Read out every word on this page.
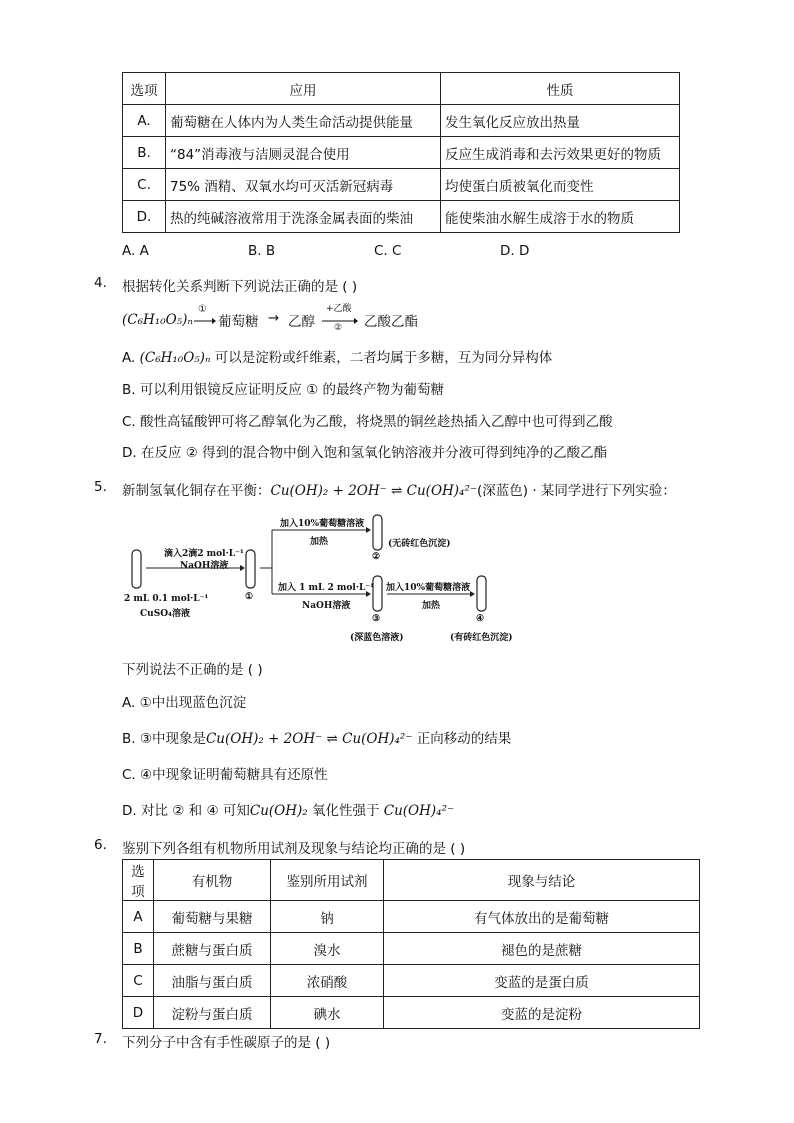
选项	应用	性质
A.	葡萄糖在人体内为人类生命活动提供能量	发生氧化反应放出热量
B.	“84”消毒液与洁厕灵混合使用	反应生成消毒和去污效果更好的物质
C.	75% 酒精、双氧水均可灭活新冠病毒	均使蛋白质被氧化而变性
D.	热的纯碱溶液常用于洗涤金属表面的柴油	能使柴油水解生成溶于水的物质
A. A	B. B	C. C	D. D
4. 根据转化关系判断下列说法正确的是 ( )
(C₆H₁₀O₅)ₙ
①
葡萄糖 → 乙醇
+乙酸
② 乙酸乙酯
A. (C₆H₁₀O₅)ₙ 可以是淀粉或纤维素，二者均属于多糖，互为同分异构体
B. 可以利用银镜反应证明反应 ① 的最终产物为葡萄糖
C. 酸性高锰酸钾可将乙醇氧化为乙酸，将烧黑的铜丝趁热插入乙醇中也可得到乙酸
D. 在反应 ② 得到的混合物中倒入饱和氢氧化钠溶液并分液可得到纯净的乙酸乙酯
5. 新制氢氧化铜存在平衡：Cu(OH)₂ + 2OH⁻ ⇌ Cu(OH)₄²⁻(深蓝色) · 某同学进行下列实验：
滴入2滴2 mol·L⁻¹
NaOH溶液
2 mL 0.1 mol·L⁻¹
CuSO₄溶液
①
加入10%葡萄糖溶液
加热
②
(无砖红色沉淀)
加入 1 mL 2 mol·L⁻¹
NaOH溶液
③
(深蓝色溶液)
加入10%葡萄糖溶液
加热
④
(有砖红色沉淀)
下列说法不正确的是 ( )
A. ①中出现蓝色沉淀
B. ③中现象是Cu(OH)₂ + 2OH⁻ ⇌ Cu(OH)₄²⁻ 正向移动的结果
C. ④中现象证明葡萄糖具有还原性
D. 对比 ② 和 ④ 可知Cu(OH)₂ 氧化性强于 Cu(OH)₄²⁻
6. 鉴别下列各组有机物所用试剂及现象与结论均正确的是 ( )
选项	有机物	鉴别所用试剂	现象与结论
A	葡萄糖与果糖	钠	有气体放出的是葡萄糖
B	蔗糖与蛋白质	溴水	褪色的是蔗糖
C	油脂与蛋白质	浓硝酸	变蓝的是蛋白质
D	淀粉与蛋白质	碘水	变蓝的是淀粉
7. 下列分子中含有手性碳原子的是 ( )
